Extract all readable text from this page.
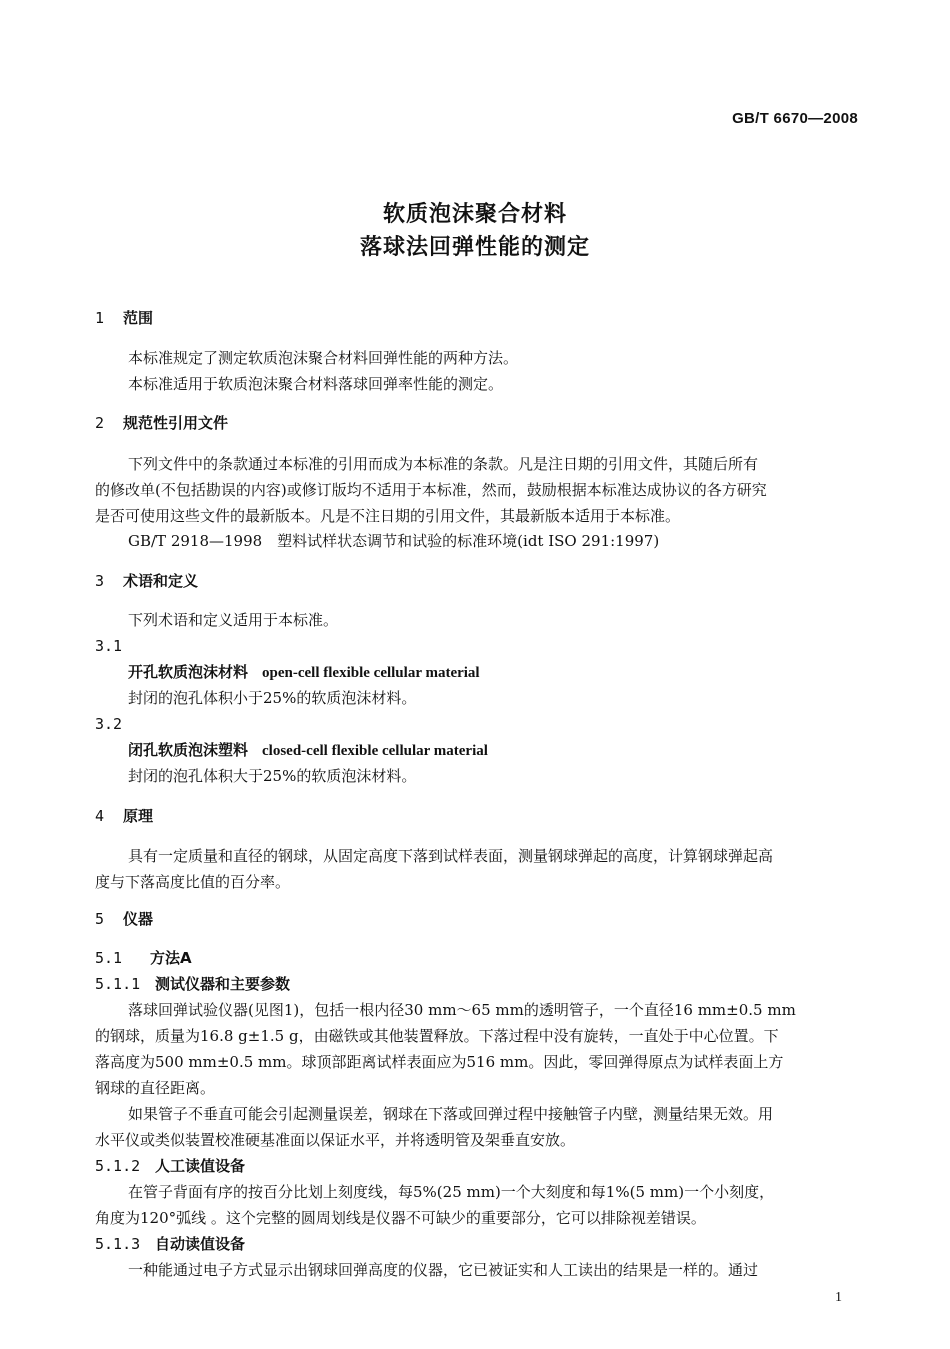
GB/T 6670—2008
软质泡沫聚合材料
落球法回弹性能的测定
1 范围
本标准规定了测定软质泡沫聚合材料回弹性能的两种方法。
本标准适用于软质泡沫聚合材料落球回弹率性能的测定。
2 规范性引用文件
下列文件中的条款通过本标准的引用而成为本标准的条款。凡是注日期的引用文件，其随后所有
的修改单(不包括勘误的内容)或修订版均不适用于本标准，然而，鼓励根据本标准达成协议的各方研究
是否可使用这些文件的最新版本。凡是不注日期的引用文件，其最新版本适用于本标准。
GB/T 2918—1998　塑料试样状态调节和试验的标准环境(idt ISO 291:1997)
3 术语和定义
下列术语和定义适用于本标准。
3.1
开孔软质泡沫材料 open-cell flexible cellular material
封闭的泡孔体积小于25%的软质泡沫材料。
3.2
闭孔软质泡沫塑料 closed-cell flexible cellular material
封闭的泡孔体积大于25%的软质泡沫材料。
4 原理
具有一定质量和直径的钢球，从固定高度下落到试样表面，测量钢球弹起的高度，计算钢球弹起高
度与下落高度比值的百分率。
5 仪器
5.1 方法A
5.1.1 测试仪器和主要参数
落球回弹试验仪器(见图1)，包括一根内径30 mm～65 mm的透明管子，一个直径16 mm±0.5 mm
的钢球，质量为16.8 g±1.5 g，由磁铁或其他装置释放。下落过程中没有旋转，一直处于中心位置。下
落高度为500 mm±0.5 mm。球顶部距离试样表面应为516 mm。因此，零回弹得原点为试样表面上方
钢球的直径距离。
如果管子不垂直可能会引起测量误差，钢球在下落或回弹过程中接触管子内壁，测量结果无效。用
水平仪或类似装置校准硬基准面以保证水平，并将透明管及架垂直安放。
5.1.2 人工读值设备
在管子背面有序的按百分比划上刻度线，每5%(25 mm)一个大刻度和每1%(5 mm)一个小刻度，
角度为120°弧线 。这个完整的圆周划线是仪器不可缺少的重要部分，它可以排除视差错误。
5.1.3 自动读值设备
一种能通过电子方式显示出钢球回弹高度的仪器，它已被证实和人工读出的结果是一样的。通过
1
